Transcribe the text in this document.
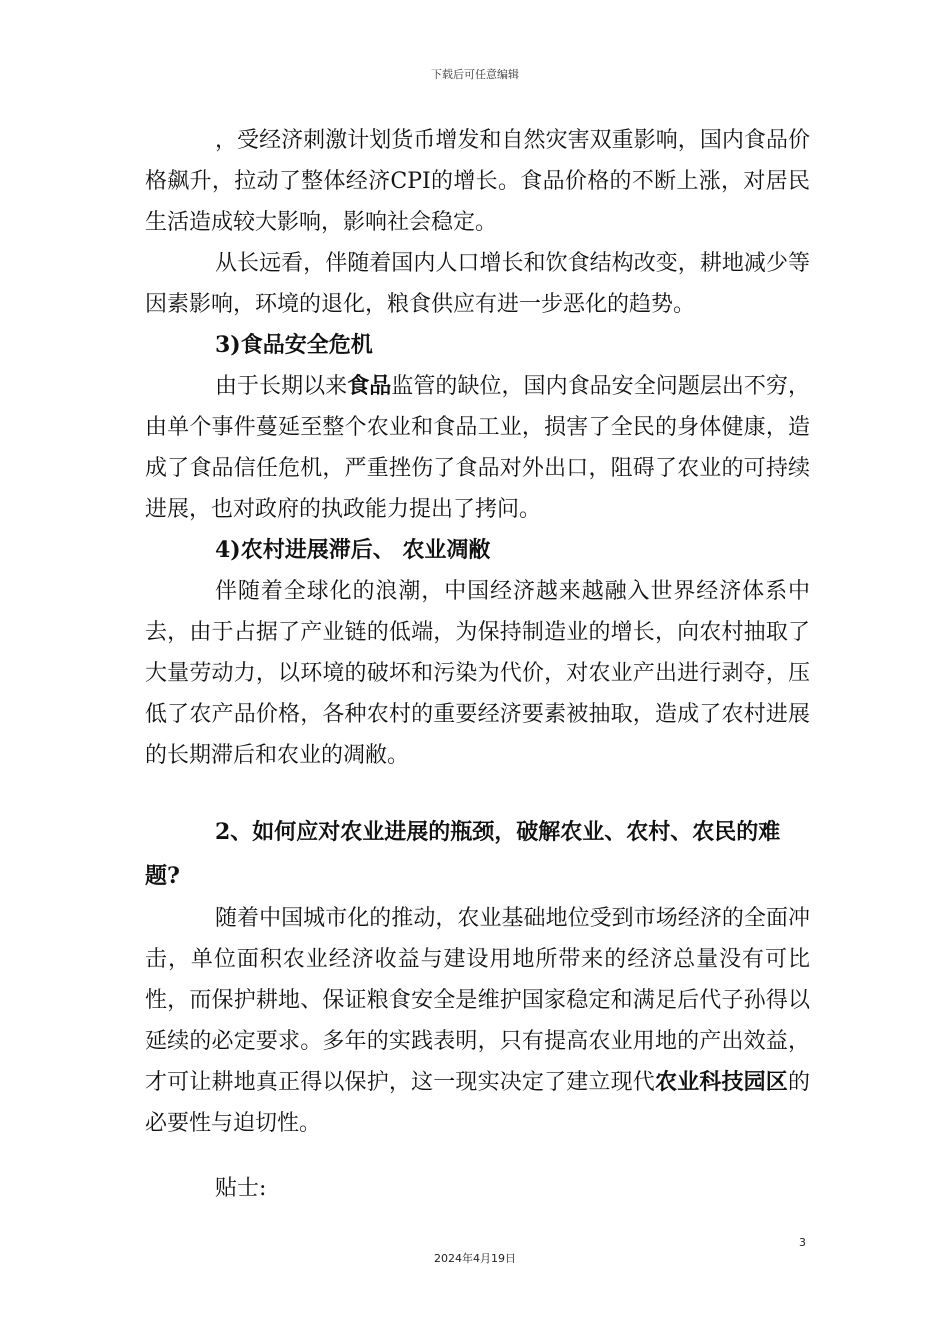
下载后可任意编辑

，受经济刺激计划货币增发和自然灾害双重影响，国内食品价格飙升，拉动了整体经济CPI的增长。食品价格的不断上涨，对居民生活造成较大影响，影响社会稳定。

从长远看，伴随着国内人口增长和饮食结构改变，耕地减少等因素影响，环境的退化，粮食供应有进一步恶化的趋势。

3)食品安全危机

由于长期以来食品监管的缺位，国内食品安全问题层出不穷，由单个事件蔓延至整个农业和食品工业，损害了全民的身体健康，造成了食品信任危机，严重挫伤了食品对外出口，阻碍了农业的可持续进展，也对政府的执政能力提出了拷问。

4)农村进展滞后、 农业凋敝

伴随着全球化的浪潮，中国经济越来越融入世界经济体系中去，由于占据了产业链的低端，为保持制造业的增长，向农村抽取了大量劳动力，以环境的破坏和污染为代价，对农业产出进行剥夺，压低了农产品价格，各种农村的重要经济要素被抽取，造成了农村进展的长期滞后和农业的凋敝。

2、如何应对农业进展的瓶颈，破解农业、农村、农民的难题?

随着中国城市化的推动，农业基础地位受到市场经济的全面冲击，单位面积农业经济收益与建设用地所带来的经济总量没有可比性，而保护耕地、保证粮食安全是维护国家稳定和满足后代子孙得以延续的必定要求。多年的实践表明，只有提高农业用地的产出效益，才可让耕地真正得以保护，这一现实决定了建立现代农业科技园区的必要性与迫切性。

贴士:

3
2024年4月19日
